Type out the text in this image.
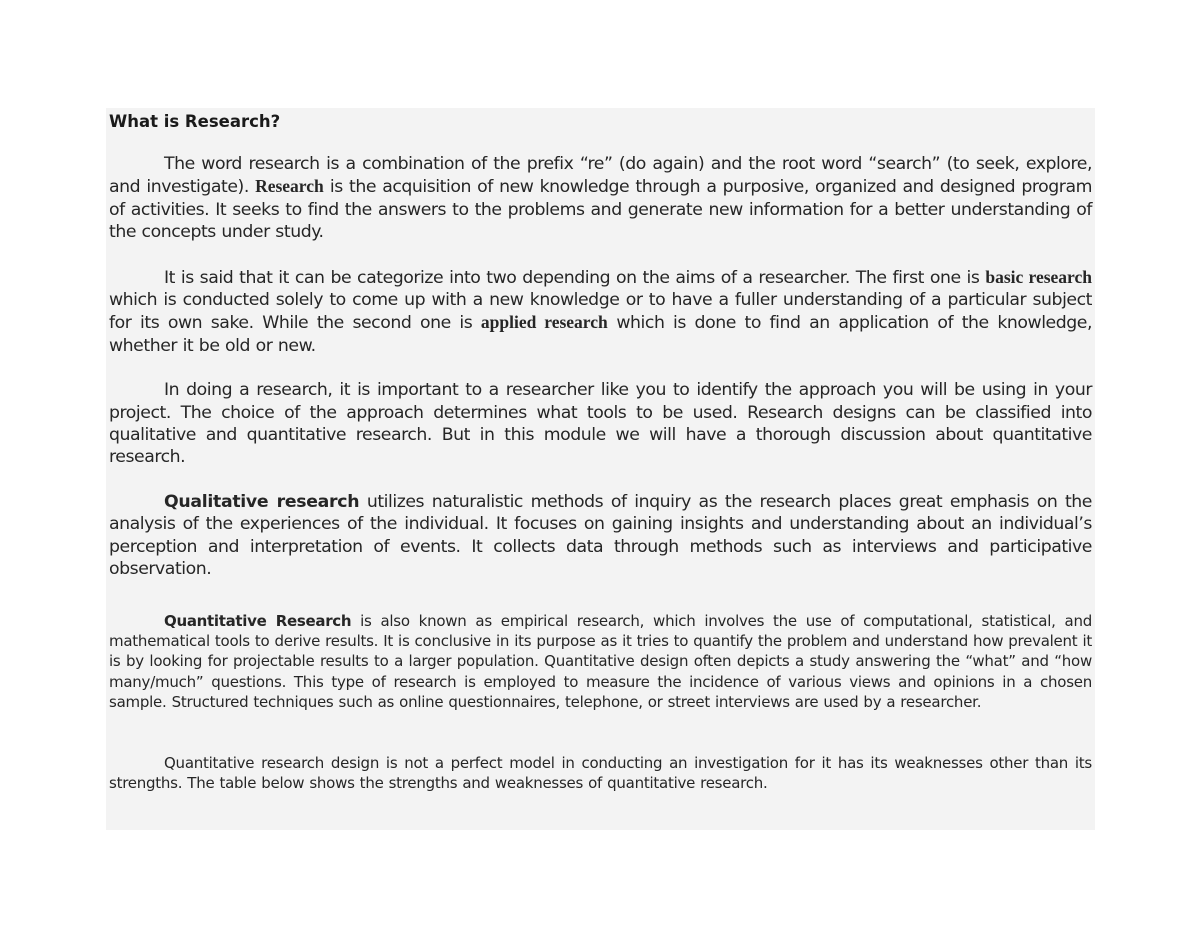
What is Research?

The word research is a combination of the prefix “re” (do again) and the root word “search” (to seek, explore, and investigate). Research is the acquisition of new knowledge through a purposive, organized and designed program of activities. It seeks to find the answers to the problems and generate new information for a better understanding of the concepts under study.

It is said that it can be categorize into two depending on the aims of a researcher. The first one is basic research which is conducted solely to come up with a new knowledge or to have a fuller understanding of a particular subject for its own sake. While the second one is applied research which is done to find an application of the knowledge, whether it be old or new.

In doing a research, it is important to a researcher like you to identify the approach you will be using in your project. The choice of the approach determines what tools to be used. Research designs can be classified into qualitative and quantitative research. But in this module we will have a thorough discussion about quantitative research.

Qualitative research utilizes naturalistic methods of inquiry as the research places great emphasis on the analysis of the experiences of the individual. It focuses on gaining insights and understanding about an individual’s perception and interpretation of events. It collects data through methods such as interviews and participative observation.

Quantitative Research is also known as empirical research, which involves the use of computational, statistical, and mathematical tools to derive results. It is conclusive in its purpose as it tries to quantify the problem and understand how prevalent it is by looking for projectable results to a larger population. Quantitative design often depicts a study answering the “what” and “how many/much” questions. This type of research is employed to measure the incidence of various views and opinions in a chosen sample. Structured techniques such as online questionnaires, telephone, or street interviews are used by a researcher.

Quantitative research design is not a perfect model in conducting an investigation for it has its weaknesses other than its strengths. The table below shows the strengths and weaknesses of quantitative research.
